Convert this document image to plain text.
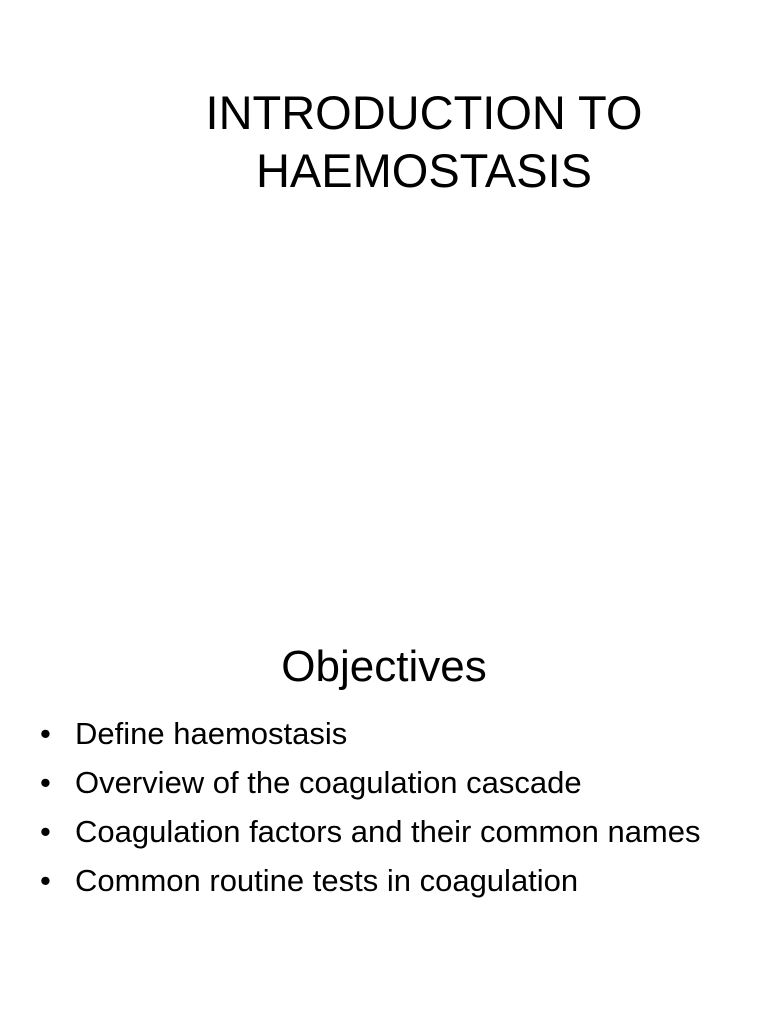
INTRODUCTION TO
HAEMOSTASIS
Objectives
• Define haemostasis
• Overview of the coagulation cascade
• Coagulation factors and their common names
• Common routine tests in coagulation
